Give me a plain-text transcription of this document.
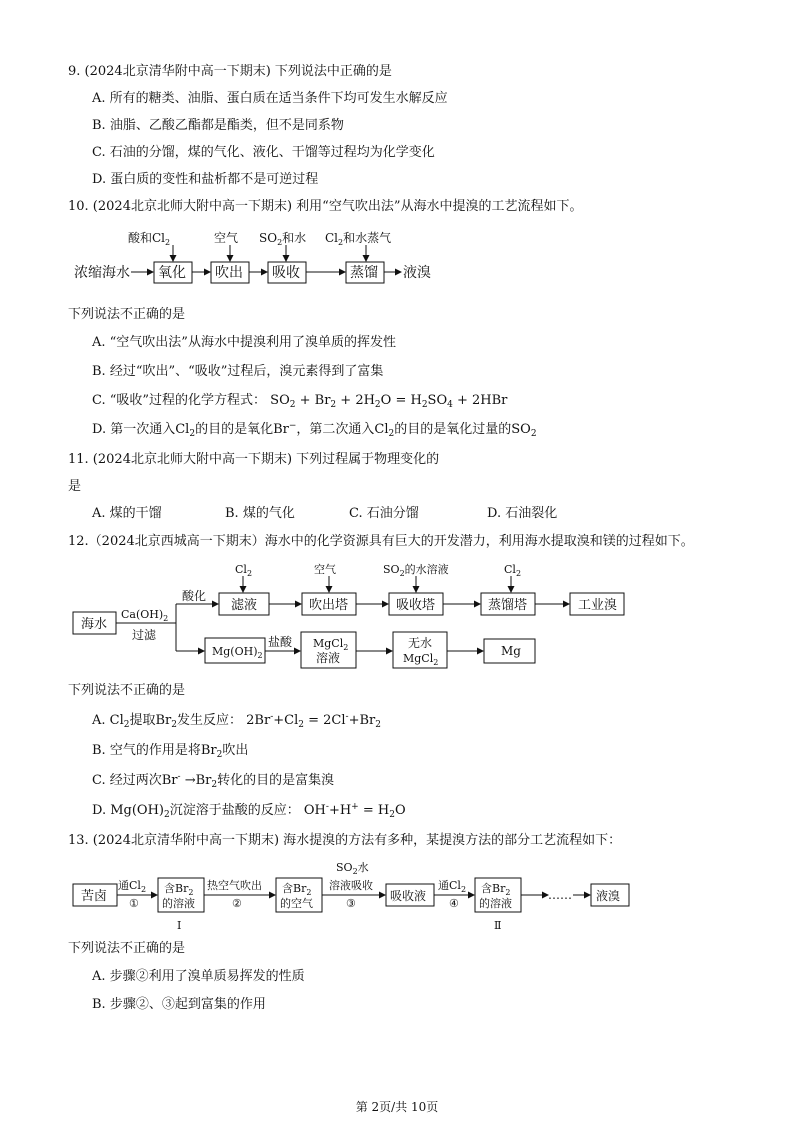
9. (2024北京清华附中高一下期末) 下列说法中正确的是
A. 所有的糖类、油脂、蛋白质在适当条件下均可发生水解反应
B. 油脂、乙酸乙酯都是酯类，但不是同系物
C. 石油的分馏，煤的气化、液化、干馏等过程均为化学变化
D. 蛋白质的变性和盐析都不是可逆过程
10. (2024北京北师大附中高一下期末) 利用“空气吹出法”从海水中提溴的工艺流程如下。
酸和$Cl_2$	空气 $SO_2$和水 $Cl_2$和水蒸气
浓缩海水 氧化 吹出 吸收	蒸馏 液溴
海水
$Ca(OH)_2$
过滤
酸化
滤液	吹出塔	吸收塔	蒸馏塔	工业溴
$Cl_2$	空气	$SO_2$的水溶液	$Cl_2$
$Mg(OH)_2$
盐酸 MgCl$_2$
溶液
无水
MgCl$_2$
Mg
苦卤
通$Cl_2$
①
含$Br_2$
的溶液
Ⅰ
热空气吹出
②
含$Br_2$
的空气
$SO_2$水
溶液吸收
③
吸收液
通$Cl_2$
④
含$Br_2$
的溶液
Ⅱ
…… 液溴
下列说法不正确的是
A. “空气吹出法”从海水中提溴利用了溴单质的挥发性
B. 经过“吹出”、“吸收”过程后，溴元素得到了富集
C. “吸收”过程的化学方程式： $SO_2 + Br_2 + 2H_2O = H_2SO_4 + 2HBr$
D. 第一次通入$Cl_2$的目的是氧化Br−，第二次通入$Cl_2$的目的是氧化过量的$SO_2$
11. (2024北京北师大附中高一下期末) 下列过程属于物理变化的
是
A. 煤的干馏	B. 煤的气化	C. 石油分馏	D. 石油裂化
12.（2024北京西城高一下期末）海水中的化学资源具有巨大的开发潜力，利用海水提取溴和镁的过程如下。
下列说法不正确的是
A. $Cl_2$提取$Br_2$发生反应： $2Br^-+Cl_2 = 2Cl^-+Br_2$
B. 空气的作用是将$Br_2$吹出
C. 经过两次$Br^- \to Br_2$转化的目的是富集溴
D. $Mg(OH)_2$沉淀溶于盐酸的反应： $OH^-+H^+ = H_2O$
13. (2024北京清华附中高一下期末) 海水提溴的方法有多种，某提溴方法的部分工艺流程如下：
下列说法不正确的是
A. 步骤②利用了溴单质易挥发的性质
B. 步骤②、③起到富集的作用
第 2页/共 10页
